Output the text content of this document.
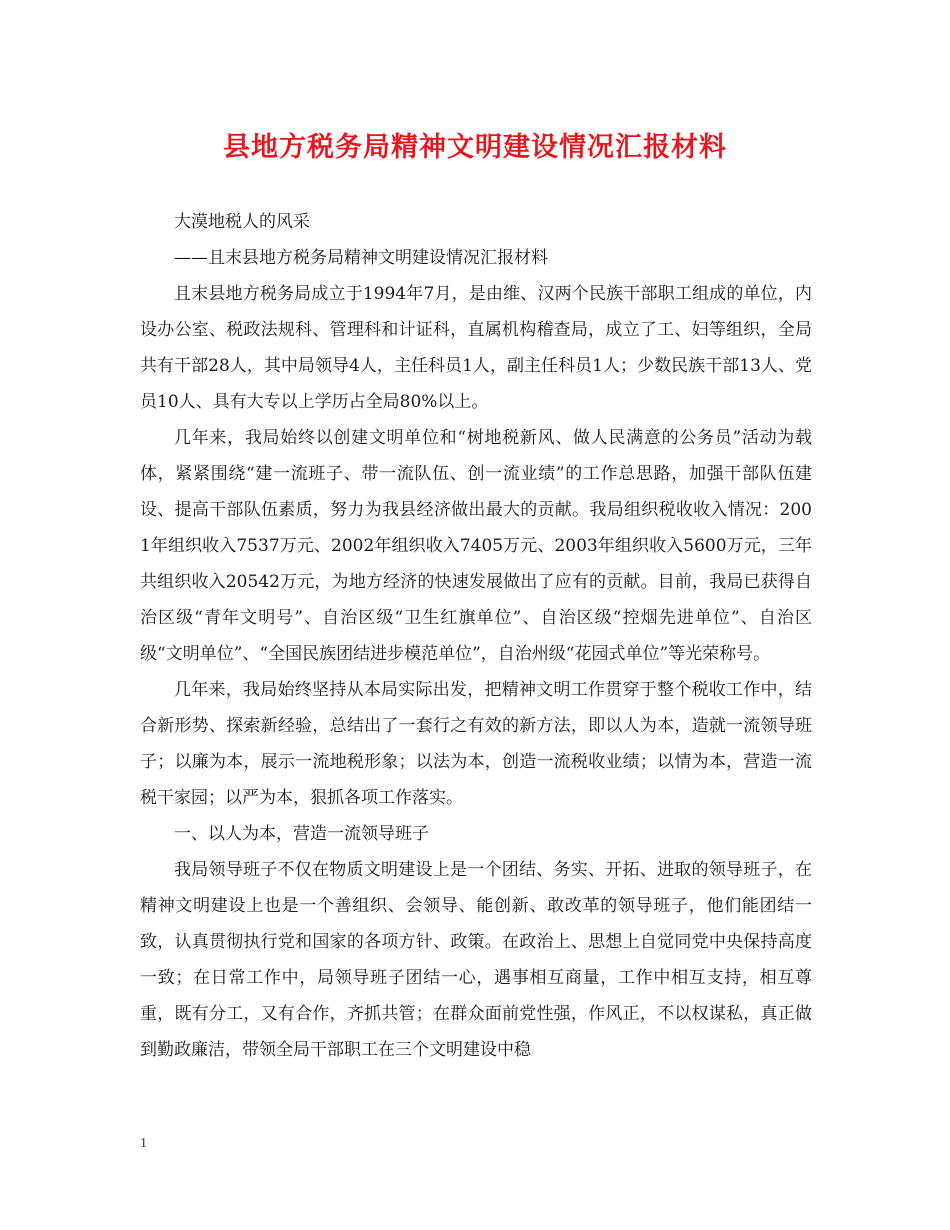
县地方税务局精神文明建设情况汇报材料

大漠地税人的风采

——且末县地方税务局精神文明建设情况汇报材料

且末县地方税务局成立于1994年7月，是由维、汉两个民族干部职工组成的单位，内设办公室、税政法规科、管理科和计证科，直属机构稽查局，成立了工、妇等组织，全局共有干部28人，其中局领导4人，主任科员1人，副主任科员1人；少数民族干部13人、党员10人、具有大专以上学历占全局80%以上。

几年来，我局始终以创建文明单位和“树地税新风、做人民满意的公务员”活动为载体，紧紧围绕“建一流班子、带一流队伍、创一流业绩”的工作总思路，加强干部队伍建设、提高干部队伍素质，努力为我县经济做出最大的贡献。我局组织税收收入情况：2001年组织收入7537万元、2002年组织收入7405万元、2003年组织收入5600万元，三年共组织收入20542万元，为地方经济的快速发展做出了应有的贡献。目前，我局已获得自治区级“青年文明号”、自治区级“卫生红旗单位”、自治区级“控烟先进单位”、自治区级“文明单位”、“全国民族团结进步模范单位”，自治州级“花园式单位”等光荣称号。

几年来，我局始终坚持从本局实际出发，把精神文明工作贯穿于整个税收工作中，结合新形势、探索新经验，总结出了一套行之有效的新方法，即以人为本，造就一流领导班子；以廉为本，展示一流地税形象；以法为本，创造一流税收业绩；以情为本，营造一流税干家园；以严为本，狠抓各项工作落实。

一、以人为本，营造一流领导班子

我局领导班子不仅在物质文明建设上是一个团结、务实、开拓、进取的领导班子，在精神文明建设上也是一个善组织、会领导、能创新、敢改革的领导班子，他们能团结一致，认真贯彻执行党和国家的各项方针、政策。在政治上、思想上自觉同党中央保持高度一致；在日常工作中，局领导班子团结一心，遇事相互商量，工作中相互支持，相互尊重，既有分工，又有合作，齐抓共管；在群众面前党性强，作风正，不以权谋私，真正做到勤政廉洁，带领全局干部职工在三个文明建设中稳

1
